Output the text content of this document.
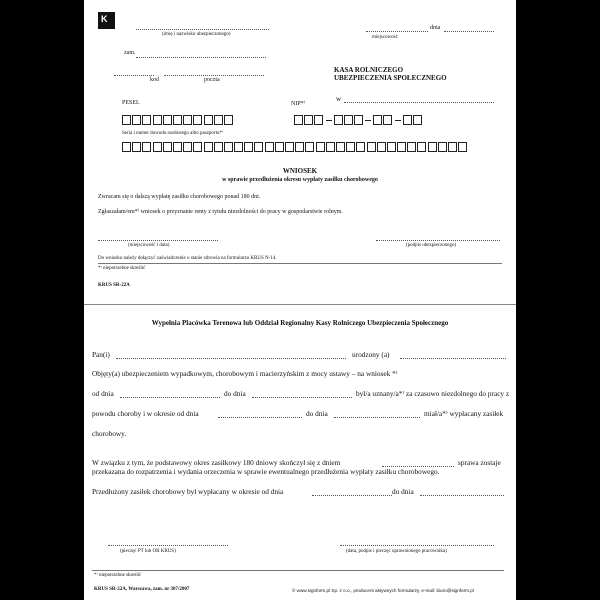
K
(imię i nazwisko ubezpieczonego)
dnia
miejscowość
zam.
kod	poczta
KASA ROLNICZEGO
UBEZPIECZENIA SPOŁECZNEGO
w
PESEL	NIP*⁾
Seria i numer dowodu osobistego albo paszportu*⁾
WNIOSEK
w sprawie przedłużenia okresu wypłaty zasiłku chorobowego
Zwracam się o dalszą wypłatę zasiłku chorobowego ponad 180 dni.
Zgłaszałam/em*⁾ wniosek o przyznanie renty z tytułu niezdolności do pracy w gospodarstwie rolnym.
(miejscowość i data)	(podpis ubezpieczonego)
Do wniosku należy dołączyć zaświadczenie o stanie zdrowia na formularzu KRUS N-14.
*⁾ niepotrzebne skreślić
KRUS SR-22A
Wypełnia Placówka Terenowa lub Oddział Regionalny Kasy Rolniczego Ubezpieczenia Społecznego
Pan(i)	urodzony (a)
Objęty(a) ubezpieczeniem wypadkowym, chorobowym i macierzyńskim z mocy ustawy – na wniosek *⁾
od dnia	do dnia	był/a uznany/a*⁾ za czasowo niezdolnego do pracy z
powodu choroby i w okresie od dnia	do dnia	miał/a*⁾ wypłacany zasiłek
chorobowy.
W związku z tym, że podstawowy okres zasiłkowy 180 dniowy skończył się z dniem	sprawa zostaje
przekazana do rozpatrzenia i wydania orzeczenia w sprawie ewentualnego przedłużenia wypłaty zasiłku chorobowego.
Przedłużony zasiłek chorobowy był wypłacany w okresie od dnia	do dnia
(pieczęć PT lub OR KRUS)	(data, podpis i pieczęć uprawnionego pracownika)
*⁾ niepotrzebne skreślić
KRUS SR-22A, Warszawa, zam. nr 307/2007	© www.signform.pl Sp. z o.o., producent aktywnych formularzy, e-mail: biuro@signform.pl
